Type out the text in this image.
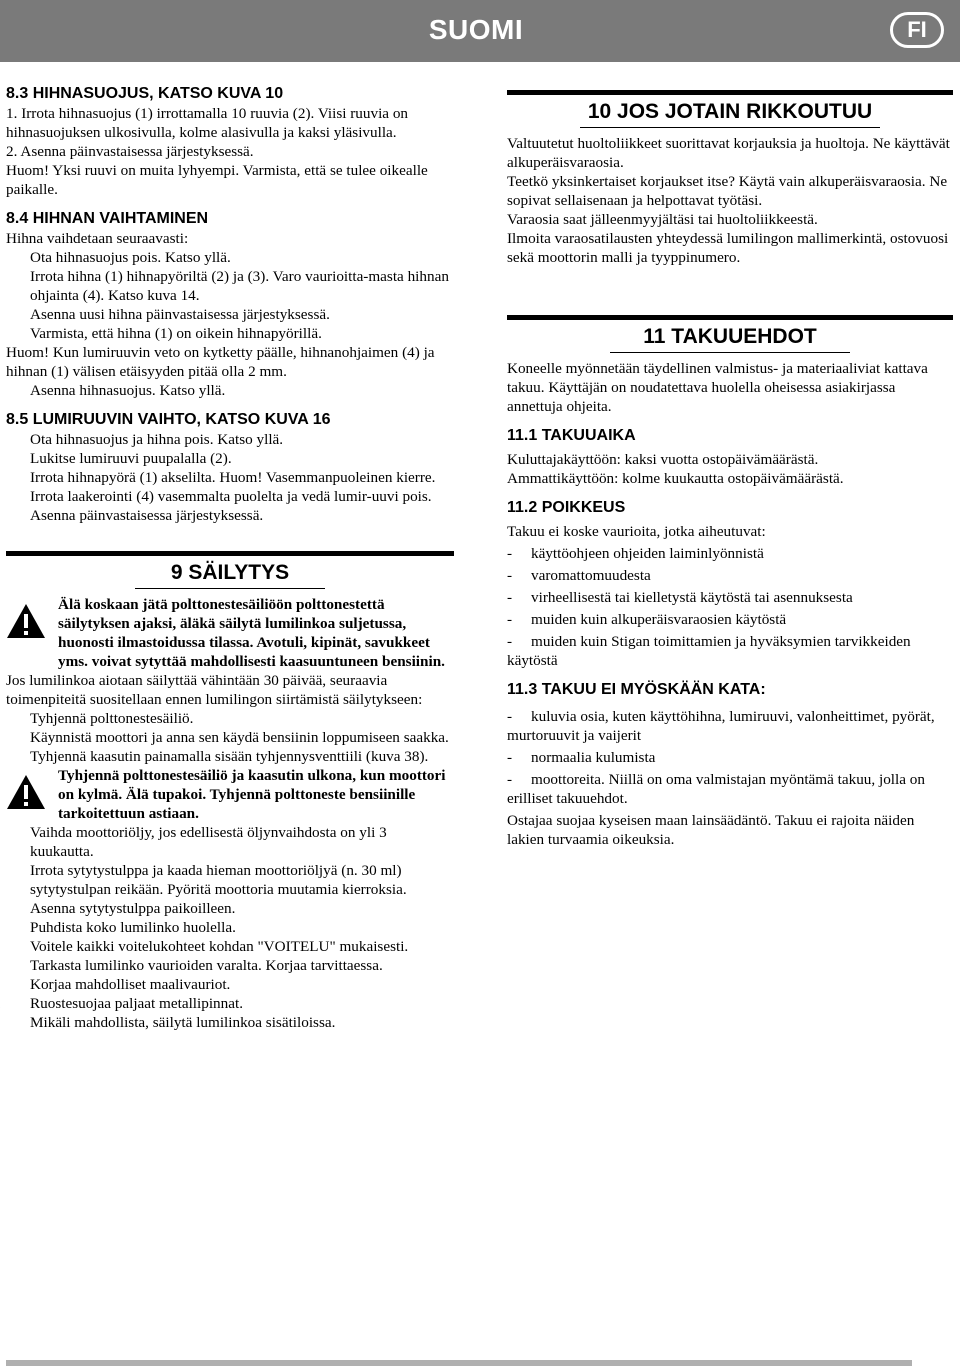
SUOMI	FI
8.3 HIHNASUOJUS, KATSO KUVA 10

1. Irrota hihnasuojus (1) irrottamalla 10 ruuvia (2). Viisi ruuvia on hihnasuojuksen ulkosivulla, kolme alasivulla ja kaksi yläsivulla.

2. Asenna päinvastaisessa järjestyksessä.

Huom! Yksi ruuvi on muita lyhyempi. Varmista, että se tulee oikealle paikalle.

8.4 HIHNAN VAIHTAMINEN

Hihna vaihdetaan seuraavasti:

Ota hihnasuojus pois. Katso yllä.

Irrota hihna (1) hihnapyöriltä (2) ja (3). Varo vaurioitta-masta hihnan ohjainta (4). Katso kuva 14.

Asenna uusi hihna päinvastaisessa järjestyksessä.

Varmista, että hihna (1) on oikein hihnapyörillä.

Huom! Kun lumiruuvin veto on kytketty päälle, hihnanohjaimen (4) ja hihnan (1) välisen etäisyyden pitää olla 2 mm.

Asenna hihnasuojus. Katso yllä.

8.5 LUMIRUUVIN VAIHTO, KATSO KUVA 16

Ota hihnasuojus ja hihna pois. Katso yllä.

Lukitse lumiruuvi puupalalla (2).

Irrota hihnapyörä (1) akselilta. Huom! Vasemmanpuoleinen kierre.

Irrota laakerointi (4) vasemmalta puolelta ja vedä lumir-uuvi pois.

Asenna päinvastaisessa järjestyksessä.

9 SÄILYTYS

Älä koskaan jätä polttonestesäiliöön polttonestettä säilytyksen ajaksi, äläkä säilytä lumilinkoa suljetussa, huonosti ilmastoidussa tilassa. Avotuli, kipinät, savukkeet yms. voivat sytyttää mahdollisesti kaasuuntuneen bensiinin.

Jos lumilinkoa aiotaan säilyttää vähintään 30 päivää, seuraavia toimenpiteitä suositellaan ennen lumilingon siirtämistä säilytykseen:

Tyhjennä polttonestesäiliö.

Käynnistä moottori ja anna sen käydä bensiinin loppumiseen saakka.

Tyhjennä kaasutin painamalla sisään tyhjennysventtiili (kuva 38).

Tyhjennä polttonestesäiliö ja kaasutin ulkona, kun moottori on kylmä. Älä tupakoi. Tyhjennä polttoneste bensiinille tarkoitettuun astiaan.

Vaihda moottoriöljy, jos edellisestä öljynvaihdosta on yli 3 kuukautta.

Irrota sytytystulppa ja kaada hieman moottoriöljyä (n. 30 ml) sytytystulpan reikään. Pyöritä moottoria muutamia kierroksia. Asenna sytytystulppa paikoilleen.

Puhdista koko lumilinko huolella.

Voitele kaikki voitelukohteet kohdan "VOITELU" mukaisesti.

Tarkasta lumilinko vaurioiden varalta. Korjaa tarvittaessa.

Korjaa mahdolliset maalivauriot.

Ruostesuojaa paljaat metallipinnat.

Mikäli mahdollista, säilytä lumilinkoa sisätiloissa.

10 JOS JOTAIN RIKKOUTUU

Valtuutetut huoltoliikkeet suorittavat korjauksia ja huoltoja. Ne käyttävät alkuperäisvaraosia.

Teetkö yksinkertaiset korjaukset itse? Käytä vain alkuperäisvaraosia. Ne sopivat sellaisenaan ja helpottavat työtäsi.

Varaosia saat jälleenmyyjältäsi tai huoltoliikkeestä.

Ilmoita varaosatilausten yhteydessä lumilingon mallimerkintä, ostovuosi sekä moottorin malli ja tyyppinumero.

11 TAKUUEHDOT

Koneelle myönnetään täydellinen valmistus- ja materiaaliviat kattava takuu. Käyttäjän on noudatettava huolella oheisessa asiakirjassa annettuja ohjeita.

11.1 TAKUUAIKA

Kuluttajakäyttöön: kaksi vuotta ostopäivämäärästä.

Ammattikäyttöön: kolme kuukautta ostopäivämäärästä.

11.2 POIKKEUS

Takuu ei koske vaurioita, jotka aiheutuvat:

- käyttöohjeen ohjeiden laiminlyönnistä

- varomattomuudesta

- virheellisestä tai kielletystä käytöstä tai asennuksesta

- muiden kuin alkuperäisvaraosien käytöstä

- muiden kuin Stigan toimittamien ja hyväksymien tarvikkeiden käytöstä

11.3 TAKUU EI MYÖSKÄÄN KATA:

- kuluvia osia, kuten käyttöhihna, lumiruuvi, valonheittimet, pyörät, murtoruuvit ja vaijerit

- normaalia kulumista

- moottoreita. Niillä on oma valmistajan myöntämä takuu, jolla on erilliset takuuehdot.

Ostajaa suojaa kyseisen maan lainsäädäntö. Takuu ei rajoita näiden lakien turvaamia oikeuksia.
